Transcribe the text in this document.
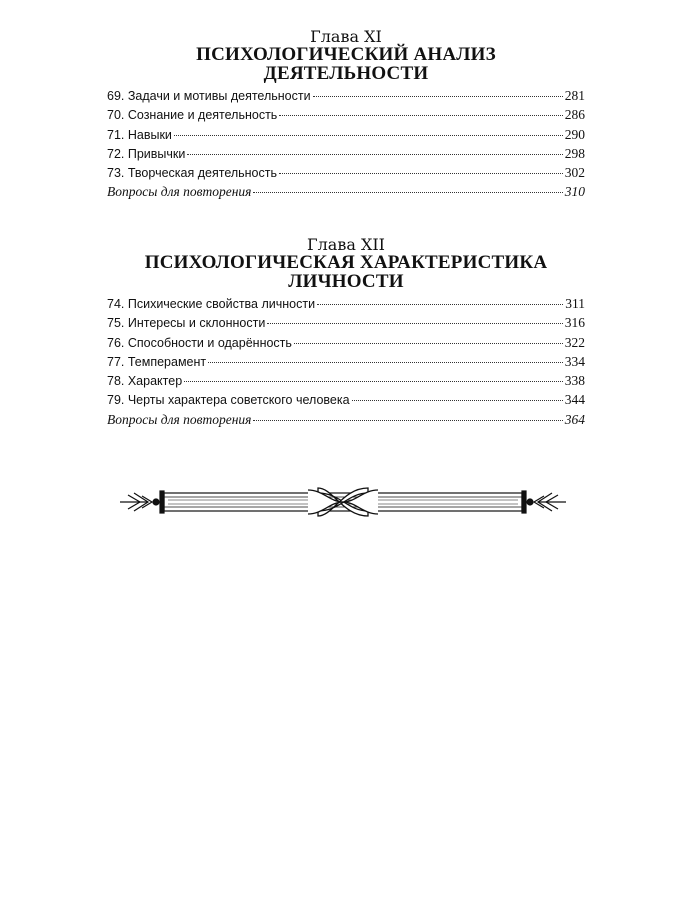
Глава XI
ПСИХОЛОГИЧЕСКИЙ АНАЛИЗ
ДЕЯТЕЛЬНОСТИ
69. Задачи и мотивы деятельности	281
70. Сознание и деятельность	286
71. Навыки	290
72. Привычки	298
73. Творческая деятельность	302
Вопросы для повторения	310
Глава XII
ПСИХОЛОГИЧЕСКАЯ ХАРАКТЕРИСТИКА
ЛИЧНОСТИ
74. Психические свойства личности	311
75. Интересы и склонности	316
76. Способности и одарённость	322
77. Темперамент	334
78. Характер	338
79. Черты характера советского человека	344
Вопросы для повторения	364
